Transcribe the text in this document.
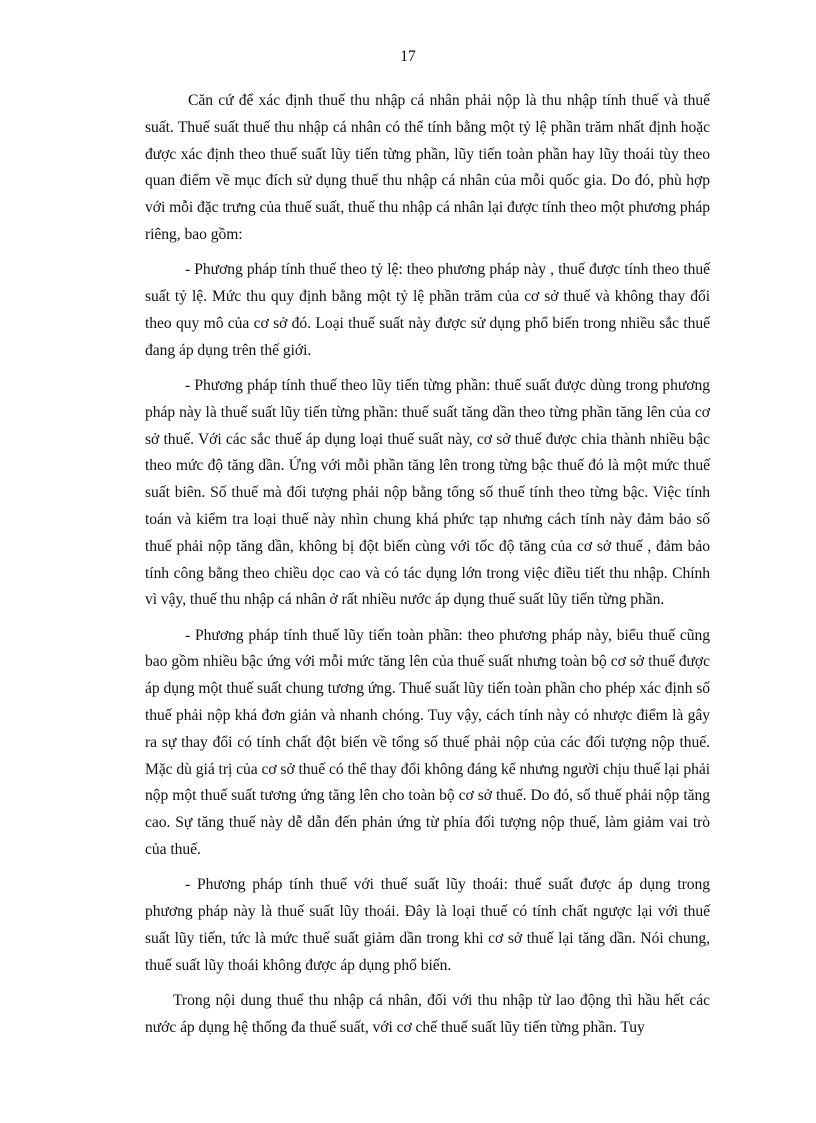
17

Căn cứ để xác định thuế thu nhập cá nhân phải nộp là thu nhập tính thuế và thuế suất. Thuế suất thuế thu nhập cá nhân có thể tính bằng một tỷ lệ phần trăm nhất định hoặc được xác định theo thuế suất lũy tiến từng phần, lũy tiến toàn phần hay lũy thoái tùy theo quan điểm về mục đích sử dụng thuế thu nhập cá nhân của mỗi quốc gia. Do đó, phù hợp với mỗi đặc trưng của thuế suất, thuế thu nhập cá nhân lại được tính theo một phương pháp riêng, bao gồm:

- Phương pháp tính thuế theo tỷ lệ: theo phương pháp này , thuế được tính theo thuế suất tỷ lệ. Mức thu quy định bằng một tỷ lệ phần trăm của cơ sở thuế và không thay đổi theo quy mô của cơ sở đó. Loại thuế suất này được sử dụng phổ biến trong nhiều sắc thuế đang áp dụng trên thế giới.

- Phương pháp tính thuế theo lũy tiến từng phần: thuế suất được dùng trong phương pháp này là thuế suất lũy tiến từng phần: thuế suất tăng dần theo từng phần tăng lên của cơ sở thuế. Với các sắc thuế áp dụng loại thuế suất này, cơ sở thuế được chia thành nhiều bậc theo mức độ tăng dần. Ứng với mỗi phần tăng lên trong từng bậc thuế đó là một mức thuế suất biên. Số thuế mà đối tượng phải nộp bằng tổng số thuế tính theo từng bậc. Việc tính toán và kiểm tra loại thuế này nhìn chung khá phức tạp nhưng cách tính này đảm bảo số thuế phải nộp tăng dần, không bị đột biến cùng với tốc độ tăng của cơ sở thuế , đảm bảo tính công bằng theo chiều dọc cao và có tác dụng lớn trong việc điều tiết thu nhập. Chính vì vậy, thuế thu nhập cá nhân ở rất nhiều nước áp dụng thuế suất lũy tiến từng phần.

- Phương pháp tính thuế lũy tiến toàn phần: theo phương pháp này, biểu thuế cũng bao gồm nhiều bậc ứng với mỗi mức tăng lên của thuế suất nhưng toàn bộ cơ sở thuế được áp dụng một thuế suất chung tương ứng. Thuế suất lũy tiến toàn phần cho phép xác định số thuế phải nộp khá đơn giản và nhanh chóng. Tuy vậy, cách tính này có nhược điểm là gây ra sự thay đổi có tính chất đột biến về tổng số thuế phải nộp của các đối tượng nộp thuế. Mặc dù giá trị của cơ sở thuế có thể thay đổi không đáng kể nhưng người chịu thuế lại phải nộp một thuế suất tương ứng tăng lên cho toàn bộ cơ sở thuế. Do đó, số thuế phải nộp tăng cao. Sự tăng thuế này dễ dẫn đến phản ứng từ phía đối tượng nộp thuế, làm giảm vai trò của thuế.

- Phương pháp tính thuế với thuế suất lũy thoái: thuế suất được áp dụng trong phương pháp này là thuế suất lũy thoái. Đây là loại thuế có tính chất ngược lại với thuế suất lũy tiến, tức là mức thuế suất giảm dần trong khi cơ sở thuế lại tăng dần. Nói chung, thuế suất lũy thoái không được áp dụng phổ biến.

Trong nội dung thuế thu nhập cá nhân, đối với thu nhập từ lao động thì hầu hết các nước áp dụng hệ thống đa thuế suất, với cơ chế thuế suất lũy tiến từng phần. Tuy
